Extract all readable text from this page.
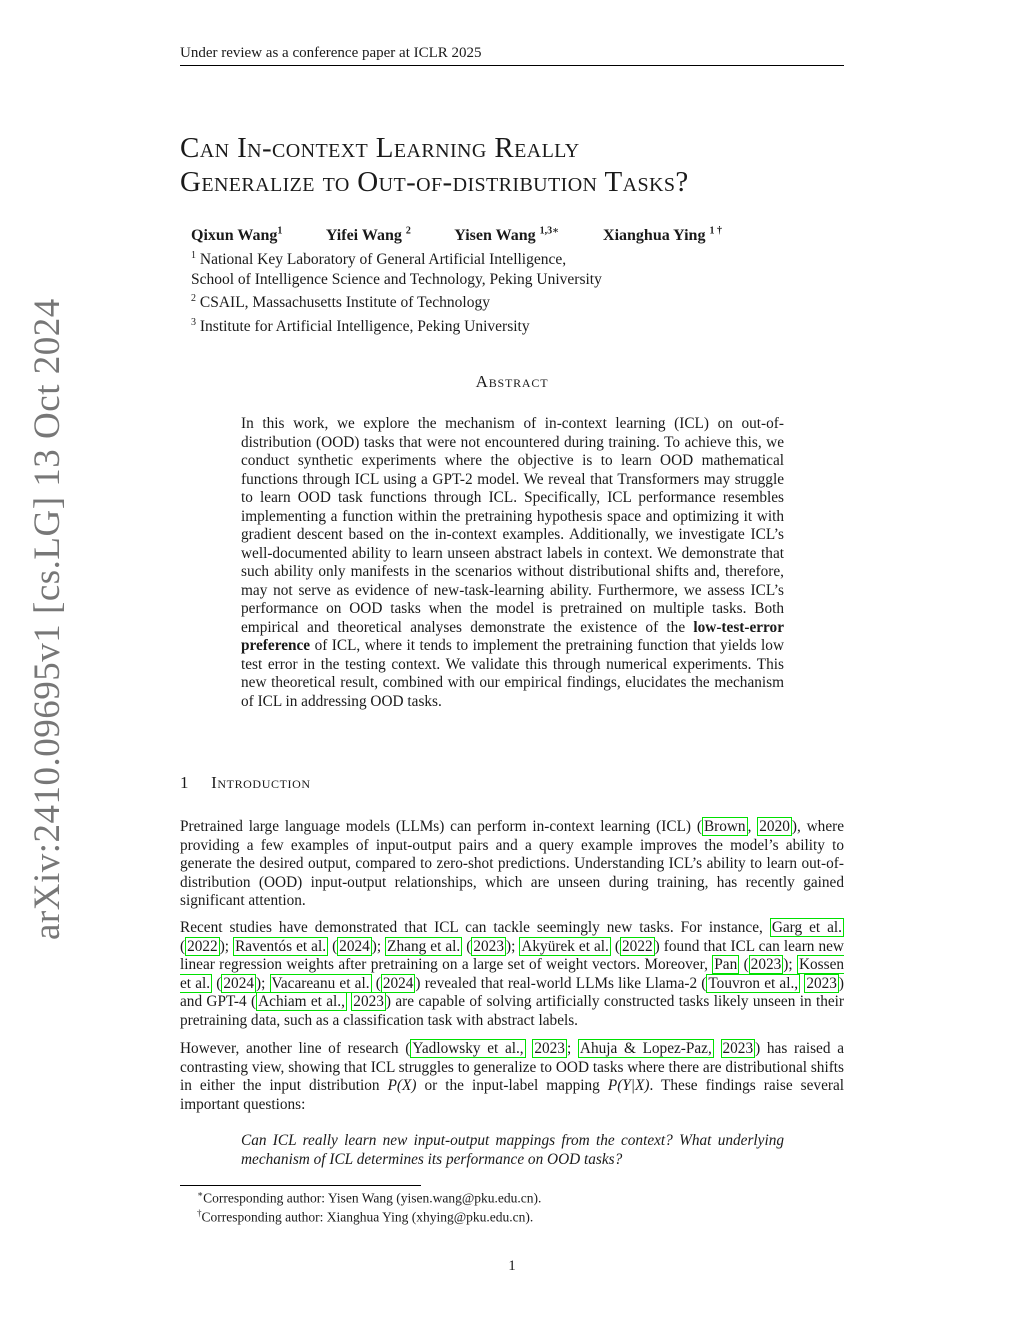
Under review as a conference paper at ICLR 2025
arXiv:2410.09695v1 [cs.LG] 13 Oct 2024
Can In-context Learning Really
Generalize to Out-of-distribution Tasks?
Qixun Wang$^1$	Yifei Wang $^2$	Yisen Wang $^{1,3∗}$	Xianghua Ying $^{1 \dagger}$
$^1$ National Key Laboratory of General Artificial Intelligence,
School of Intelligence Science and Technology, Peking University
$^2$ CSAIL, Massachusetts Institute of Technology
$^3$ Institute for Artificial Intelligence, Peking University
Abstract
In this work, we explore the mechanism of in-context learning (ICL) on out-of-distribution (OOD) tasks that were not encountered during training. To achieve this, we conduct synthetic experiments where the objective is to learn OOD mathematical functions through ICL using a GPT-2 model. We reveal that Transformers may struggle to learn OOD task functions through ICL. Specifically, ICL performance resembles implementing a function within the pretraining hypothesis space and optimizing it with gradient descent based on the in-context examples. Additionally, we investigate ICL’s well-documented ability to learn unseen abstract labels in context. We demonstrate that such ability only manifests in the scenarios without distributional shifts and, therefore, may not serve as evidence of new-task-learning ability. Furthermore, we assess ICL’s performance on OOD tasks when the model is pretrained on multiple tasks. Both empirical and theoretical analyses demonstrate the existence of the low-test-error preference of ICL, where it tends to implement the pretraining function that yields low test error in the testing context. We validate this through numerical experiments. This new theoretical result, combined with our empirical findings, elucidates the mechanism of ICL in addressing OOD tasks.
1 Introduction
Pretrained large language models (LLMs) can perform in-context learning (ICL) ( Brown , 2020 ), where providing a few examples of input-output pairs and a query example improves the model’s ability to generate the desired output, compared to zero-shot predictions. Understanding ICL’s ability to learn out-of-distribution (OOD) input-output relationships, which are unseen during training, has recently gained significant attention.
Recent studies have demonstrated that ICL can tackle seemingly new tasks. For instance, Garg et al. ( 2022 ); Raventós et al. ( 2024 ); Zhang et al. ( 2023 ); Akyürek et al. ( 2022 ) found that ICL can learn new linear regression weights after pretraining on a large set of weight vectors. Moreover, Pan ( 2023 ); Kossen et al. ( 2024 ); Vacareanu et al. ( 2024 ) revealed that real-world LLMs like Llama-2 ( Touvron et al., 2023 ) and GPT-4 ( Achiam et al., 2023 ) are capable of solving artificially constructed tasks likely unseen in their pretraining data, such as a classification task with abstract labels.
However, another line of research ( Yadlowsky et al., 2023 ; Ahuja & Lopez-Paz, 2023 ) has raised a contrasting view, showing that ICL struggles to generalize to OOD tasks where there are distributional shifts in either the input distribution P(X) or the input-label mapping P(Y|X). These findings raise several important questions:
Can ICL really learn new input-output mappings from the context? What underlying mechanism of ICL determines its performance on OOD tasks?
∗Corresponding author: Yisen Wang (yisen.wang@pku.edu.cn).
†Corresponding author: Xianghua Ying (xhying@pku.edu.cn).
1
